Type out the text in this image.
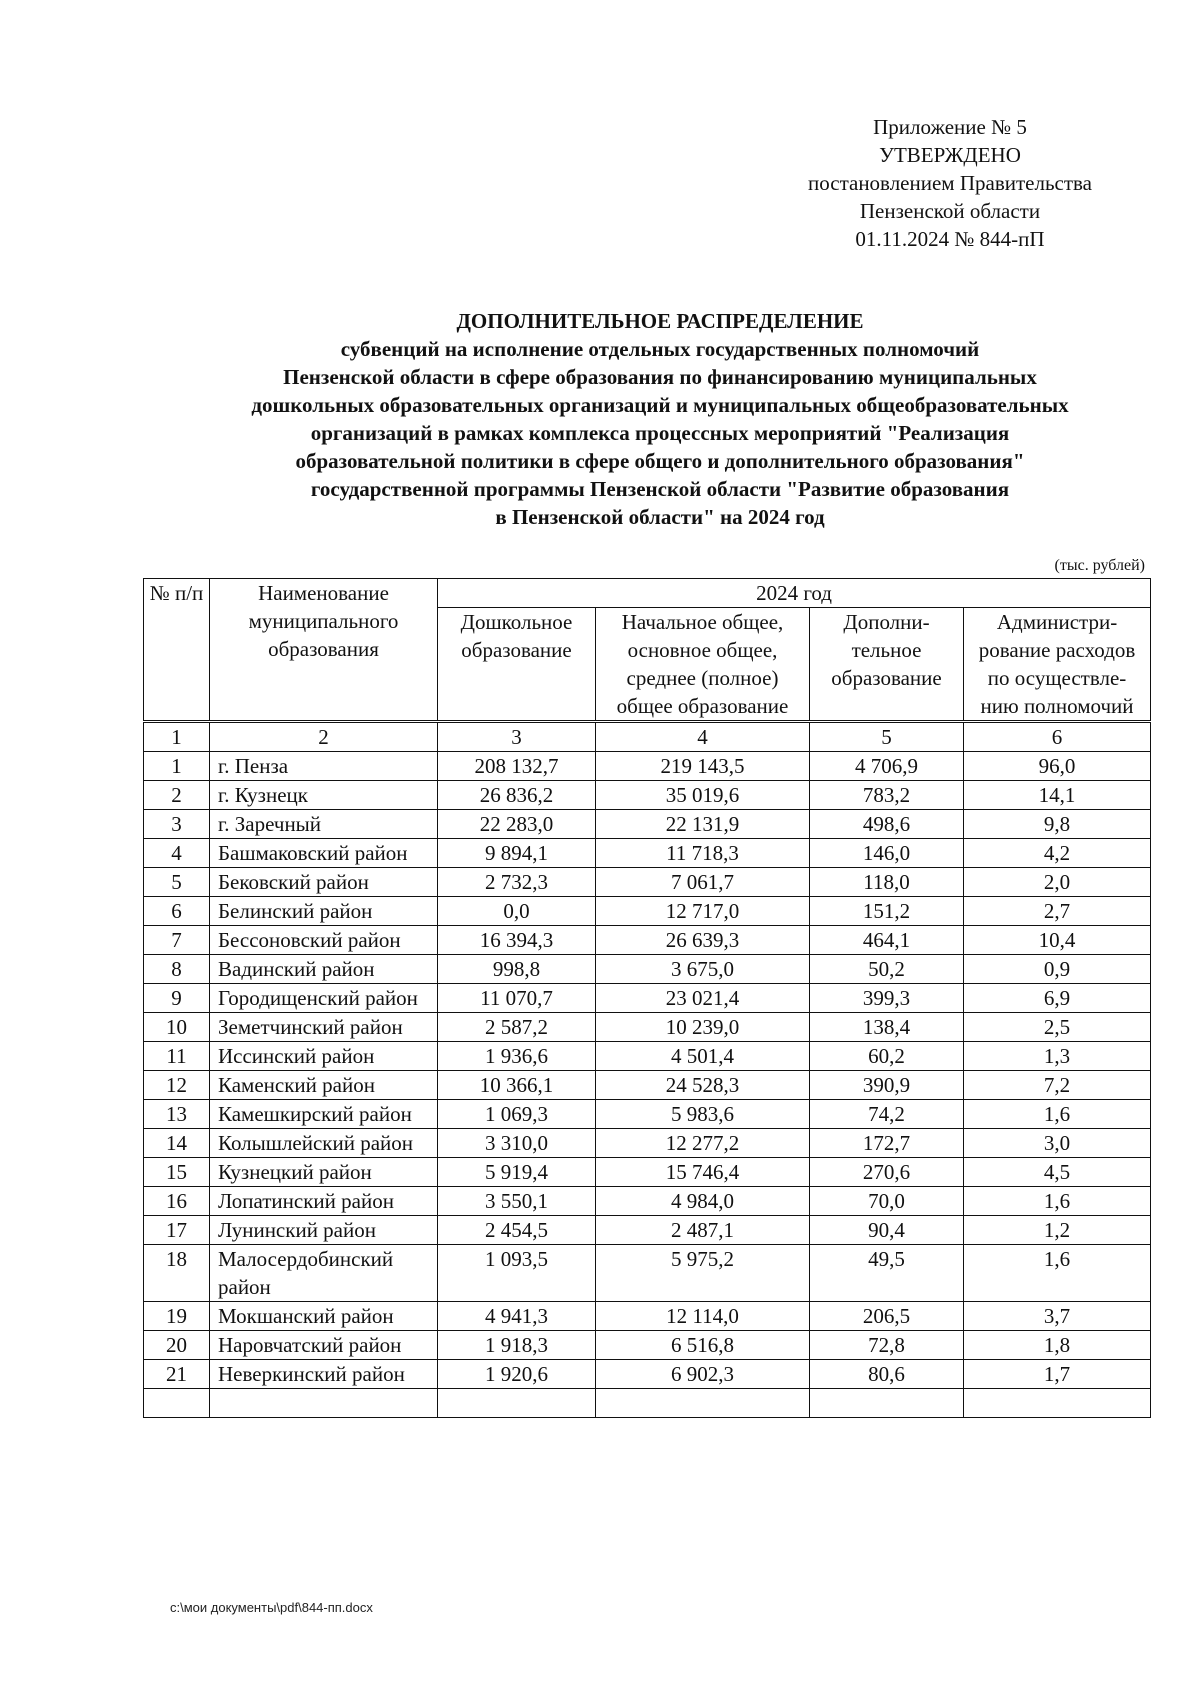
Приложение № 5
УТВЕРЖДЕНО
постановлением Правительства
Пензенской области
01.11.2024 № 844-пП
ДОПОЛНИТЕЛЬНОЕ РАСПРЕДЕЛЕНИЕ
субвенций на исполнение отдельных государственных полномочий
Пензенской области в сфере образования по финансированию муниципальных
дошкольных образовательных организаций и муниципальных общеобразовательных
организаций в рамках комплекса процессных мероприятий "Реализация
образовательной политики в сфере общего и дополнительного образования"
государственной программы Пензенской области "Развитие образования
в Пензенской области" на 2024 год
(тыс. рублей)
№ п/п	Наименование муниципального образования	2024 год			
		Дошкольное образование	Начальное общее, основное общее, среднее (полное) общее образование	Дополни- тельное образование	Администри- рование расходов по осуществле- нию полномочий
1	2	3	4	5	6
1	г. Пенза	208 132,7	219 143,5	4 706,9	96,0
2	г. Кузнецк	26 836,2	35 019,6	783,2	14,1
3	г. Заречный	22 283,0	22 131,9	498,6	9,8
4	Башмаковский район	9 894,1	11 718,3	146,0	4,2
5	Бековский район	2 732,3	7 061,7	118,0	2,0
6	Белинский район	0,0	12 717,0	151,2	2,7
7	Бессоновский район	16 394,3	26 639,3	464,1	10,4
8	Вадинский район	998,8	3 675,0	50,2	0,9
9	Городищенский район	11 070,7	23 021,4	399,3	6,9
10	Земетчинский район	2 587,2	10 239,0	138,4	2,5
11	Иссинский район	1 936,6	4 501,4	60,2	1,3
12	Каменский район	10 366,1	24 528,3	390,9	7,2
13	Камешкирский район	1 069,3	5 983,6	74,2	1,6
14	Колышлейский район	3 310,0	12 277,2	172,7	3,0
15	Кузнецкий район	5 919,4	15 746,4	270,6	4,5
16	Лопатинский район	3 550,1	4 984,0	70,0	1,6
17	Лунинский район	2 454,5	2 487,1	90,4	1,2
18	Малосердобинский район	1 093,5	5 975,2	49,5	1,6
19	Мокшанский район	4 941,3	12 114,0	206,5	3,7
20	Наровчатский район	1 918,3	6 516,8	72,8	1,8
21	Неверкинский район	1 920,6	6 902,3	80,6	1,7

c:\мои документы\pdf\844-пп.docx
